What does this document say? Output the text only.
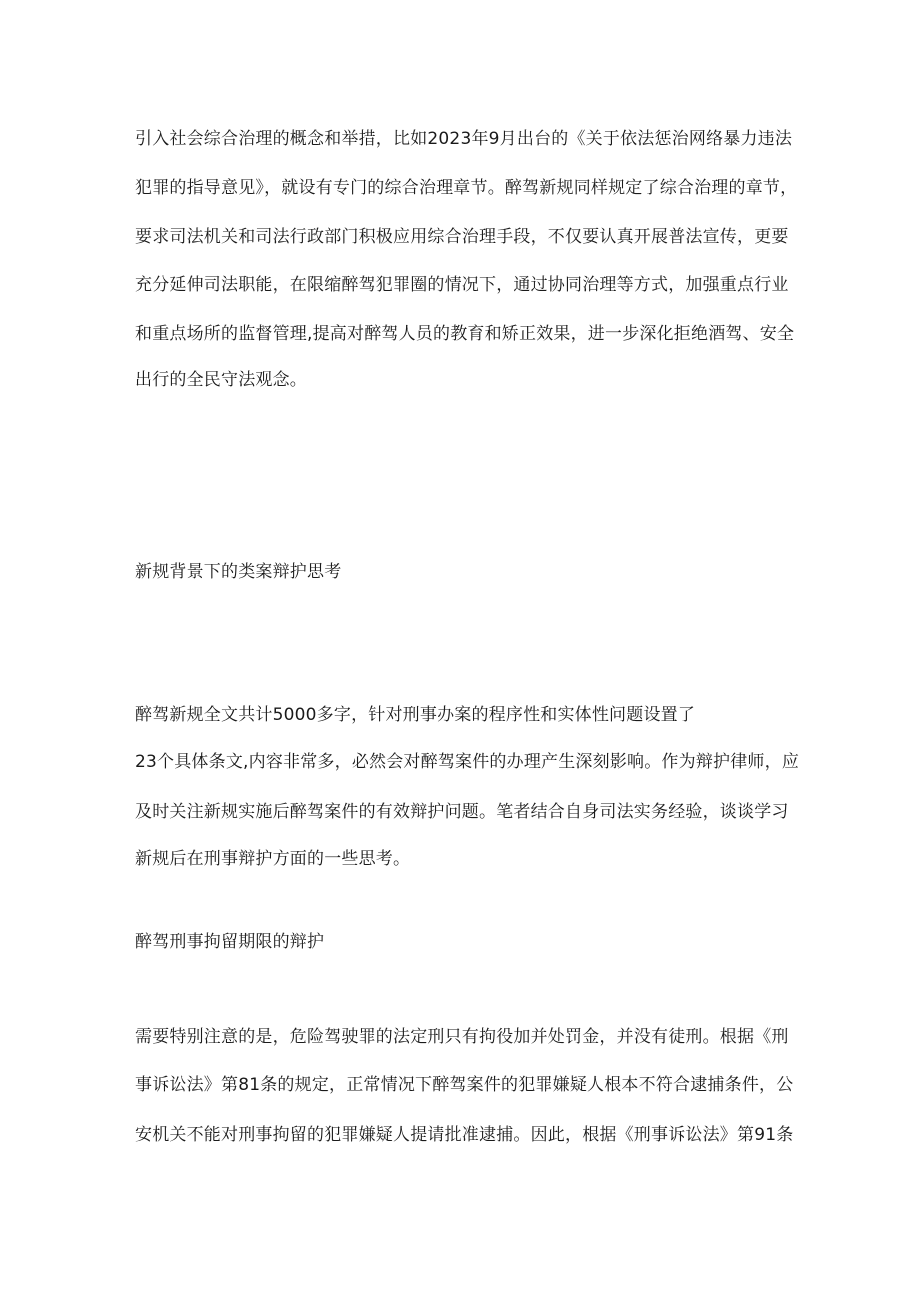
引入社会综合治理的概念和举措，比如2023年9月出台的《关于依法惩治网络暴力违法
犯罪的指导意见》，就设有专门的综合治理章节。醉驾新规同样规定了综合治理的章节，
要求司法机关和司法行政部门积极应用综合治理手段，不仅要认真开展普法宣传，更要
充分延伸司法职能，在限缩醉驾犯罪圈的情况下，通过协同治理等方式，加强重点行业
和重点场所的监督管理,提高对醉驾人员的教育和矫正效果，进一步深化拒绝酒驾、安全
出行的全民守法观念。
新规背景下的类案辩护思考
醉驾新规全文共计5000多字，针对刑事办案的程序性和实体性问题设置了
23个具体条文,内容非常多，必然会对醉驾案件的办理产生深刻影响。作为辩护律师，应
及时关注新规实施后醉驾案件的有效辩护问题。笔者结合自身司法实务经验，谈谈学习
新规后在刑事辩护方面的一些思考。
醉驾刑事拘留期限的辩护
需要特别注意的是，危险驾驶罪的法定刑只有拘役加并处罚金，并没有徒刑。根据《刑
事诉讼法》第81条的规定，正常情况下醉驾案件的犯罪嫌疑人根本不符合逮捕条件，公
安机关不能对刑事拘留的犯罪嫌疑人提请批准逮捕。因此，根据《刑事诉讼法》第91条
